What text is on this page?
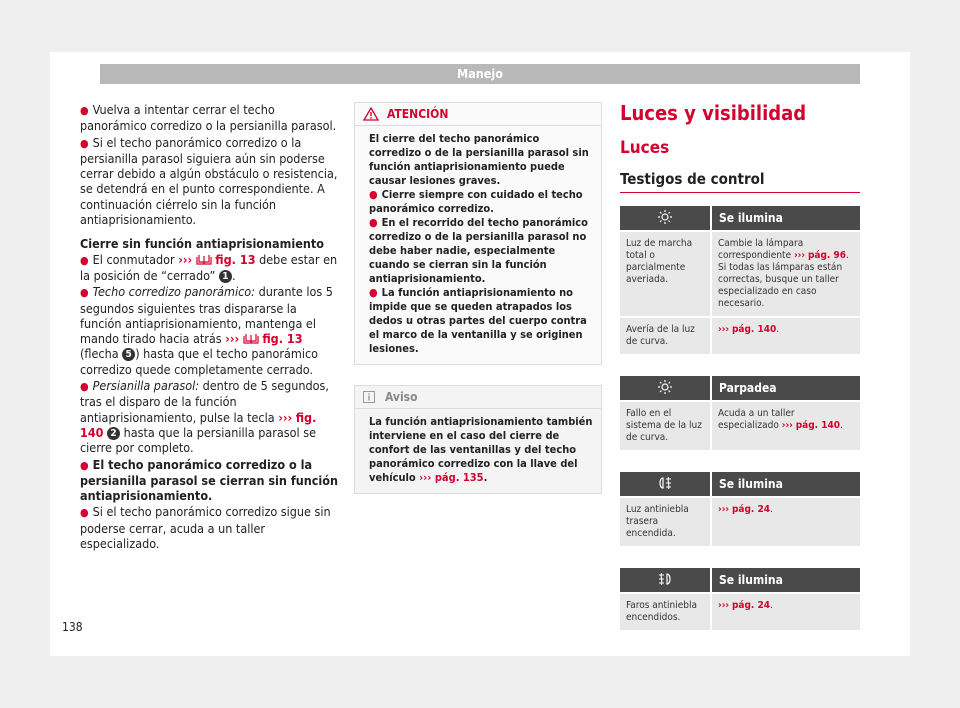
Manejo

● Vuelva a intentar cerrar el techo panorámico corredizo o la persianilla parasol.

● Si el techo panorámico corredizo o la persianilla parasol siguiera aún sin poderse cerrar debido a algún obstáculo o resistencia, se detendrá en el punto correspondiente. A continuación ciérrelo sin la función antiaprisionamiento.

Cierre sin función antiaprisionamiento

● El conmutador ››› fig. 13 debe estar en la posición de “cerrado” 1 .

● Techo corredizo panorámico: durante los 5 segundos siguientes tras dispararse la función antiaprisionamiento, mantenga el mando tirado hacia atrás ››› fig. 13 (flecha 5 ) hasta que el techo panorámico corredizo quede completamente cerrado.

● Persianilla parasol: dentro de 5 segundos, tras el disparo de la función antiaprisionamiento, pulse la tecla ››› fig. 140 2 hasta que la persianilla parasol se cierre por completo.

● El techo panorámico corredizo o la persianilla parasol se cierran sin función antiaprisionamiento.

● Si el techo panorámico corredizo sigue sin poderse cerrar, acuda a un taller especializado.

ATENCIÓN

El cierre del techo panorámico corredizo o de la persianilla parasol sin función antiaprisionamiento puede causar lesiones graves.

● Cierre siempre con cuidado el techo panorámico corredizo.

● En el recorrido del techo panorámico corredizo o de la persianilla parasol no debe haber nadie, especialmente cuando se cierran sin la función antiaprisionamiento.

● La función antiaprisionamiento no impide que se queden atrapados los dedos u otras partes del cuerpo contra el marco de la ventanilla y se originen lesiones.

Aviso

La función antiaprisionamiento también interviene en el caso del cierre de confort de las ventanillas y del techo panorámico corredizo con la llave del vehículo ››› pág. 135.

Luces y visibilidad
Luces
Testigos de control
	Se ilumina
Luz de marcha total o parcialmente averiada.	Cambie la lámpara correspondiente ››› pág. 96. Si todas las lámparas están correctas, busque un taller especializado en caso necesario.
Avería de la luz de curva.	››› pág. 140.
	Parpadea
Fallo en el sistema de la luz de curva.	Acuda a un taller especializado ››› pág. 140.
	Se ilumina
Luz antiniebla trasera encendida.	››› pág. 24.
	Se ilumina
Faros antiniebla encendidos.	››› pág. 24.
138
